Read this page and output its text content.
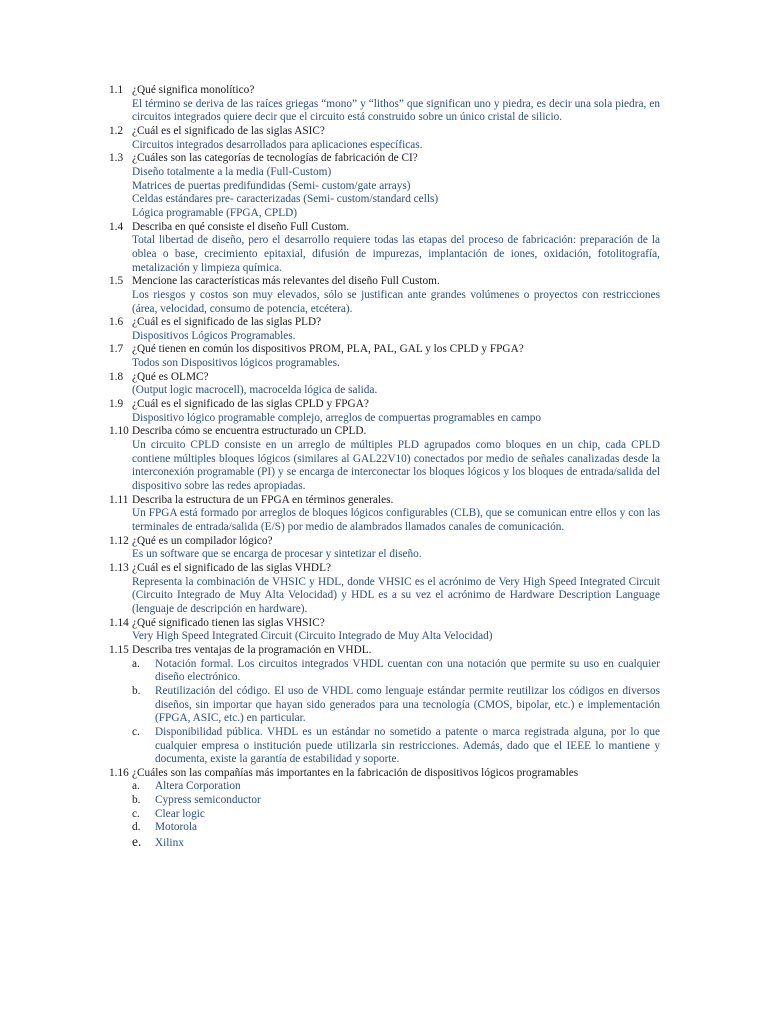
1.1 ¿Qué significa monolítico?
El término se deriva de las raíces griegas “mono” y “lithos” que significan uno y piedra, es decir una sola piedra, en circuitos integrados quiere decir que el circuito está construido sobre un único cristal de silicio.
1.2 ¿Cuál es el significado de las siglas ASIC?
Circuitos integrados desarrollados para aplicaciones específicas.
1.3 ¿Cuáles son las categorías de tecnologías de fabricación de CI?
Diseño totalmente a la media (Full-Custom)
Matrices de puertas predifundidas (Semi- custom/gate arrays)
Celdas estándares pre- caracterizadas (Semi- custom/standard cells)
Lógica programable (FPGA, CPLD)
1.4 Describa en qué consiste el diseño Full Custom.
Total libertad de diseño, pero el desarrollo requiere todas las etapas del proceso de fabricación: preparación de la oblea o base, crecimiento epitaxial, difusión de impurezas, implantación de iones, oxidación, fotolitografía, metalización y limpieza química.
1.5 Mencione las características más relevantes del diseño Full Custom.
Los riesgos y costos son muy elevados, sólo se justifican ante grandes volúmenes o proyectos con restricciones (área, velocidad, consumo de potencia, etcétera).
1.6 ¿Cuál es el significado de las siglas PLD?
Dispositivos Lógicos Programables.
1.7 ¿Qué tienen en común los dispositivos PROM, PLA, PAL, GAL y los CPLD y FPGA?
Todos son Dispositivos lógicos programables.
1.8 ¿Qué es OLMC?
(Output logic macrocell), macrocelda lógica de salida.
1.9 ¿Cuál es el significado de las siglas CPLD y FPGA?
Dispositivo lógico programable complejo, arreglos de compuertas programables en campo
1.10 Describa cómo se encuentra estructurado un CPLD.
Un circuito CPLD consiste en un arreglo de múltiples PLD agrupados como bloques en un chip, cada CPLD contiene múltiples bloques lógicos (similares al GAL22V10) conectados por medio de señales canalizadas desde la interconexión programable (PI) y se encarga de interconectar los bloques lógicos y los bloques de entrada/salida del dispositivo sobre las redes apropiadas.
1.11 Describa la estructura de un FPGA en términos generales.
Un FPGA está formado por arreglos de bloques lógicos configurables (CLB), que se comunican entre ellos y con las terminales de entrada/salida (E/S) por medio de alambrados llamados canales de comunicación.
1.12 ¿Qué es un compilador lógico?
Es un software que se encarga de procesar y sintetizar el diseño.
1.13 ¿Cuál es el significado de las siglas VHDL?
Representa la combinación de VHSIC y HDL, donde VHSIC es el acrónimo de Very High Speed Integrated Circuit (Circuito Integrado de Muy Alta Velocidad) y HDL es a su vez el acrónimo de Hardware Description Language (lenguaje de descripción en hardware).
1.14 ¿Qué significado tienen las siglas VHSIC?
Very High Speed Integrated Circuit (Circuito Integrado de Muy Alta Velocidad)
1.15 Describa tres ventajas de la programación en VHDL.
a.	Notación formal. Los circuitos integrados VHDL cuentan con una notación que permite su uso en cualquier diseño electrónico.
b.	Reutilización del código. El uso de VHDL como lenguaje estándar permite reutilizar los códigos en diversos diseños, sin importar que hayan sido generados para una tecnología (CMOS, bipolar, etc.) e implementación (FPGA, ASIC, etc.) en particular.
c.	Disponibilidad pública. VHDL es un estándar no sometido a patente o marca registrada alguna, por lo que cualquier empresa o institución puede utilizarla sin restricciones. Además, dado que el IEEE lo mantiene y documenta, existe la garantía de estabilidad y soporte.
1.16 ¿Cuáles son las compañías más importantes en la fabricación de dispositivos lógicos programables
a.	Altera Corporation
b.	Cypress semiconductor
c.	Clear logic
d.	Motorola
e.	Xilinx
